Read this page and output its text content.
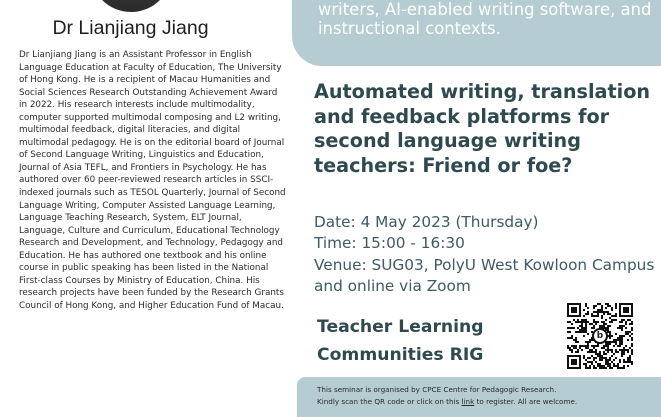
Dr Lianjiang Jiang
Dr Lianjiang Jiang is an Assistant Professor in English Language Education at Faculty of Education, The University of Hong Kong. He is a recipient of Macau Humanities and Social Sciences Research Outstanding Achievement Award in 2022. His research interests include multimodality, computer supported multimodal composing and L2 writing, multimodal feedback, digital literacies, and digital multimodal pedagogy. He is on the editorial board of Journal of Second Language Writing, Linguistics and Education, Journal of Asia TEFL, and Frontiers in Psychology. He has authored over 60 peer-reviewed research articles in SSCI-indexed journals such as TESOL Quarterly, Journal of Second Language Writing, Computer Assisted Language Learning, Language Teaching Research, System, ELT Journal, Language, Culture and Curriculum, Educational Technology Research and Development, and Technology, Pedagogy and Education. He has authored one textbook and his online course in public speaking has been listed in the National First-class Courses by Ministry of Education, China. His research projects have been funded by the Research Grants Council of Hong Kong, and Higher Education Fund of Macau.
writers, AI-enabled writing software, and instructional contexts.
Automated writing, translation and feedback platforms for second language writing teachers: Friend or foe?
Date: 4 May 2023 (Thursday)
Time: 15:00 - 16:30
Venue: SUG03, PolyU West Kowloon Campus and online via Zoom
Teacher Learning Communities RIG
b
This seminar is organised by CPCE Centre for Pedagogic Research.
Kindly scan the QR code or click on this link to register. All are welcome.
